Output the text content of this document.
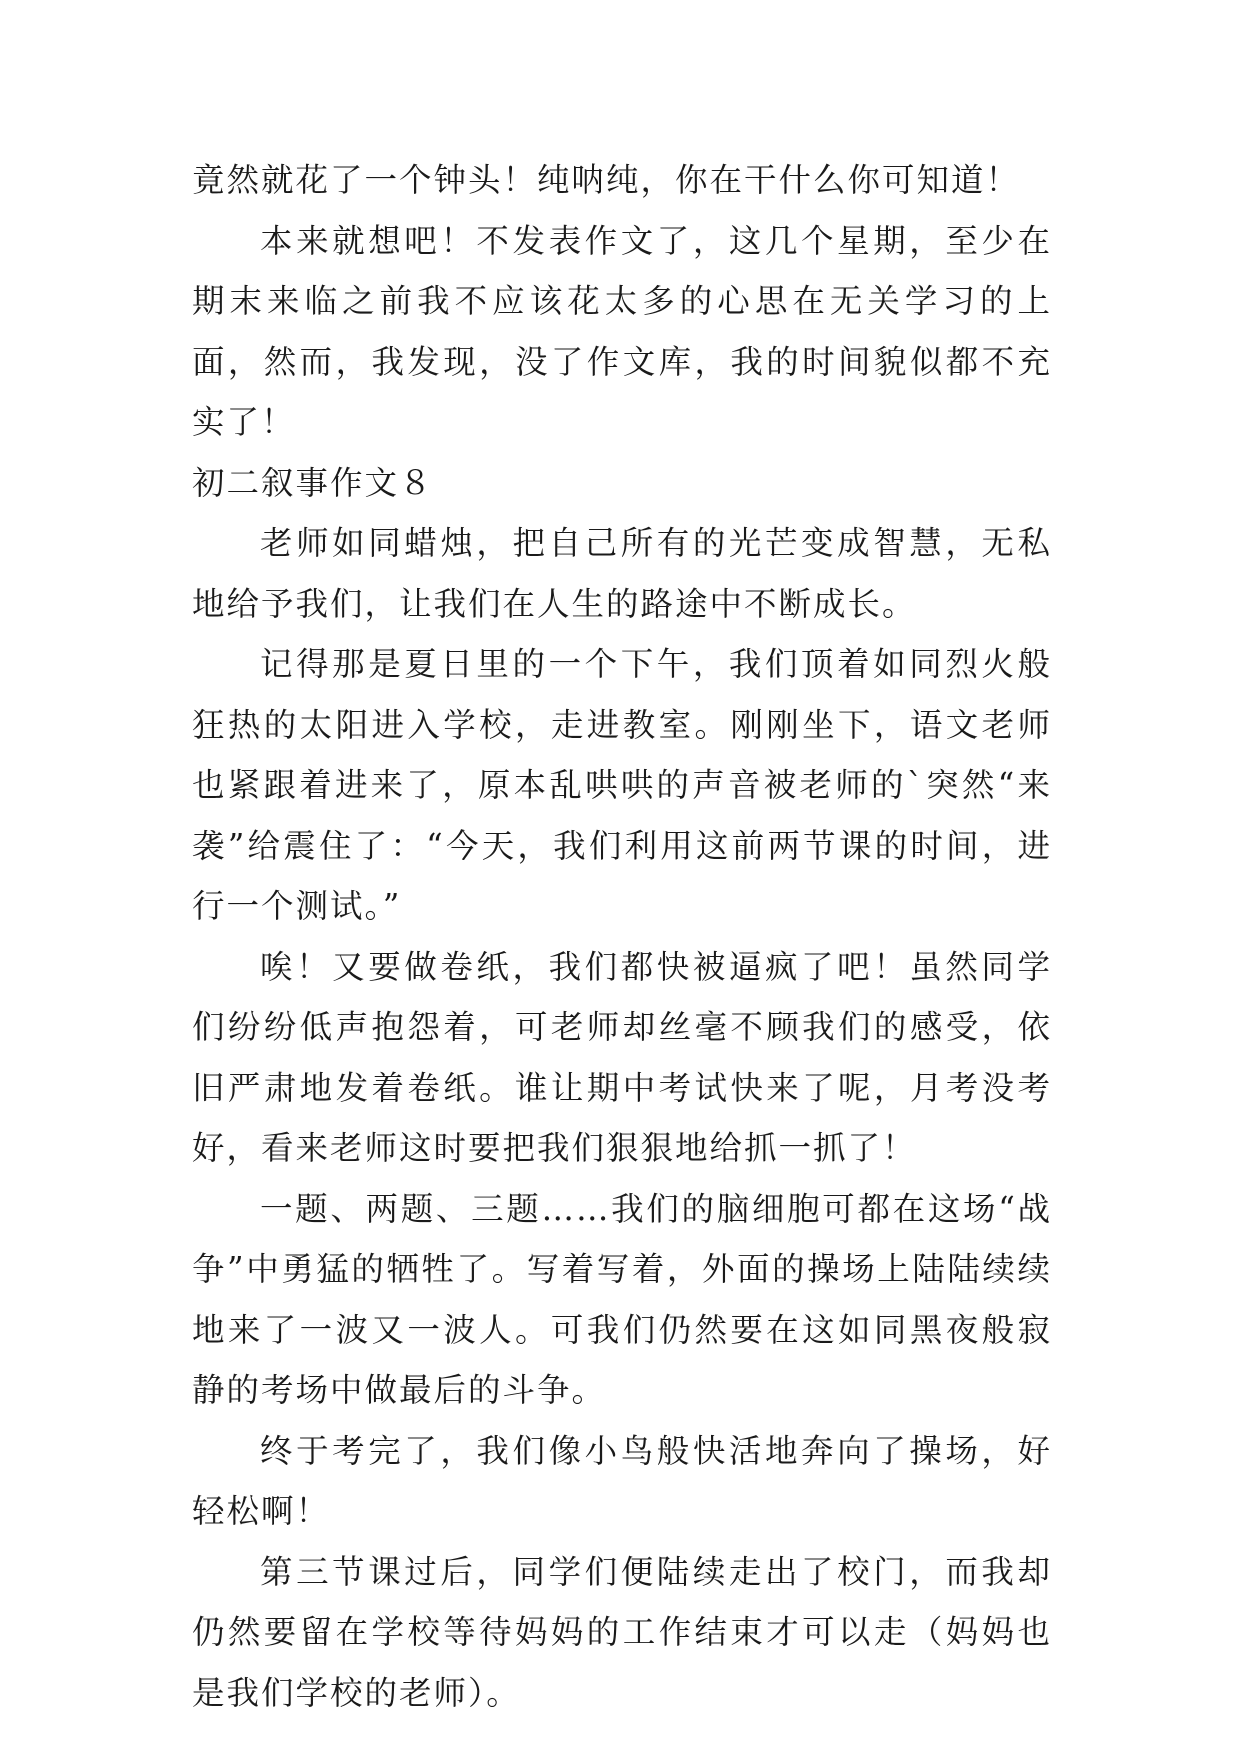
竟然就花了一个钟头！纯呐纯，你在干什么你可知道！

本来就想吧！不发表作文了，这几个星期，至少在期末来临之前我不应该花太多的心思在无关学习的上面，然而，我发现，没了作文库，我的时间貌似都不充实了！

初二叙事作文８

老师如同蜡烛，把自己所有的光芒变成智慧，无私地给予我们，让我们在人生的路途中不断成长。

记得那是夏日里的一个下午，我们顶着如同烈火般狂热的太阳进入学校，走进教室。刚刚坐下，语文老师也紧跟着进来了，原本乱哄哄的声音被老师的`突然“来袭”给震住了：“今天，我们利用这前两节课的时间，进行一个测试。”

唉！又要做卷纸，我们都快被逼疯了吧！虽然同学们纷纷低声抱怨着，可老师却丝毫不顾我们的感受，依旧严肃地发着卷纸。谁让期中考试快来了呢，月考没考好，看来老师这时要把我们狠狠地给抓一抓了！

一题、两题、三题……我们的脑细胞可都在这场“战争”中勇猛的牺牲了。写着写着，外面的操场上陆陆续续地来了一波又一波人。可我们仍然要在这如同黑夜般寂静的考场中做最后的斗争。

终于考完了，我们像小鸟般快活地奔向了操场，好轻松啊！

第三节课过后，同学们便陆续走出了校门，而我却仍然要留在学校等待妈妈的工作结束才可以走（妈妈也是我们学校的老师）。
